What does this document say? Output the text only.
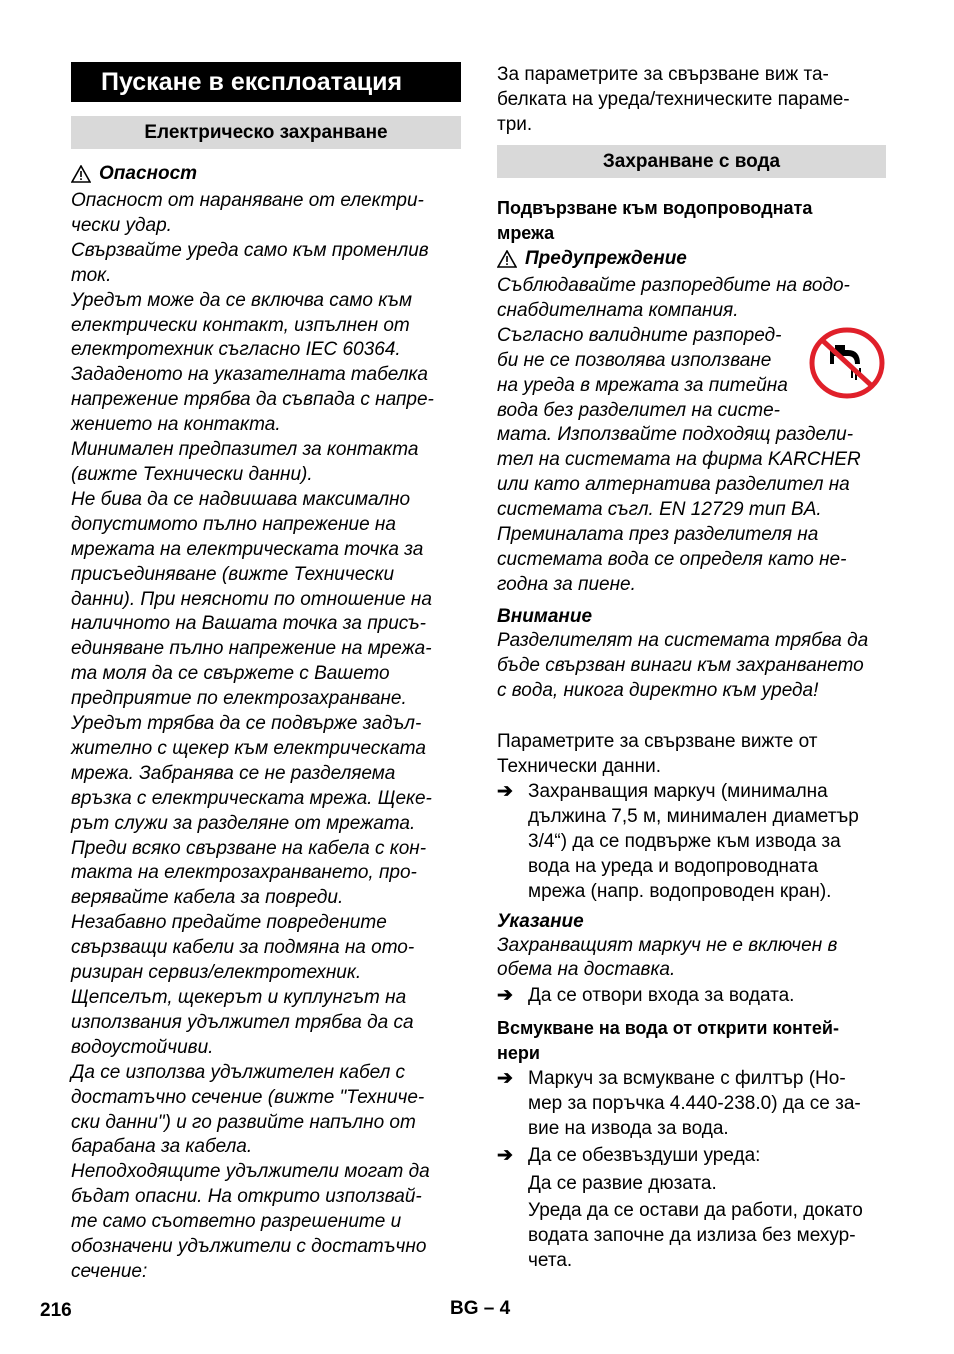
Пускане в експлоатация
Електрическо захранване
Опасност
Опасност от нараняване от електри-
чески удар.
Свързвайте уреда само към променлив
ток.
Уредът може да се включва само към
електрически контакт, изпълнен от
електротехник съгласно IEC 60364.
Зададеното на указателната табелка
напрежение трябва да съвпада с напре-
жението на контакта.
Минимален предпазител за контакта
(вижте Технически данни).
Не бива да се надвишава максимално
допустимото пълно напрежение на
мрежата на електрическата точка за
присъединяване (вижте Технически
данни). При неясноти по отношение на
наличното на Вашата точка за присъ-
единяване пълно напрежение на мрежа-
та моля да се свържете с Вашето
предприятие по електрозахранване.
Уредът трябва да се подвърже задъл-
жително с щекер към електрическата
мрежа. Забранява се не разделяема
връзка с електрическата мрежа. Щеке-
рът служи за разделяне от мрежата.
Преди всяко свързване на кабела с кон-
такта на електрозахранването, про-
верявайте кабела за повреди.
Незабавно предайте повредените
свързващи кабели за подмяна на ото-
ризиран сервиз/електротехник.
Щепселът, щекерът и куплунгът на
използвания удължител трябва да са
водоустойчиви.
Да се използва удължителен кабел с
достатъчно сечение (вижте "Техниче-
ски данни") и го развийте напълно от
барабана за кабела.
Неподходящите удължители могат да
бъдат опасни. На открито използвай-
те само съответно разрешените и
обозначени удължители с достатъчно
сечение:
За параметрите за свързване виж та-
белката на уреда/техническите параме-
три.
Захранване с вода
Подвързване към водопроводната
мрежа
Предупреждение
Съблюдавайте разпоредбите на водо-
снабдителната компания.
Съгласно валидните разпоред-
би не се позволява използване
на уреда в мрежата за питейна
вода без разделител на систе-
мата. Използвайте подходящ раздели-
тел на системата на фирма KARCHER
или като алтернатива разделител на
системата съгл. EN 12729 тип BA.
Преминалата през разделителя на
системата вода се определя като не-
годна за пиене.
Внимание
Разделителят на системата трябва да
бъде свързван винаги към захранването
с вода, никога директно към уреда!
Параметрите за свързване вижте от
Технически данни.
➔ Захранващия маркуч (минимална
дължина 7,5 м, минимален диаметър
3/4“) да се подвърже към извода за
вода на уреда и водопроводната
мрежа (напр. водопроводен кран).
Указание
Захранващият маркуч не е включен в
обема на доставка.
➔ Да се отвори входа за водата.
Всмукване на вода от открити контей-
нери
➔ Маркуч за всмукване с филтър (Но-
мер за поръчка 4.440-238.0) да се за-
вие на извода за вода.
➔ Да се обезвъздуши уреда:
Да се развие дюзата.
Уреда да се остави да работи, докато
водата започне да излиза без мехур-
чета.
216	BG – 4
